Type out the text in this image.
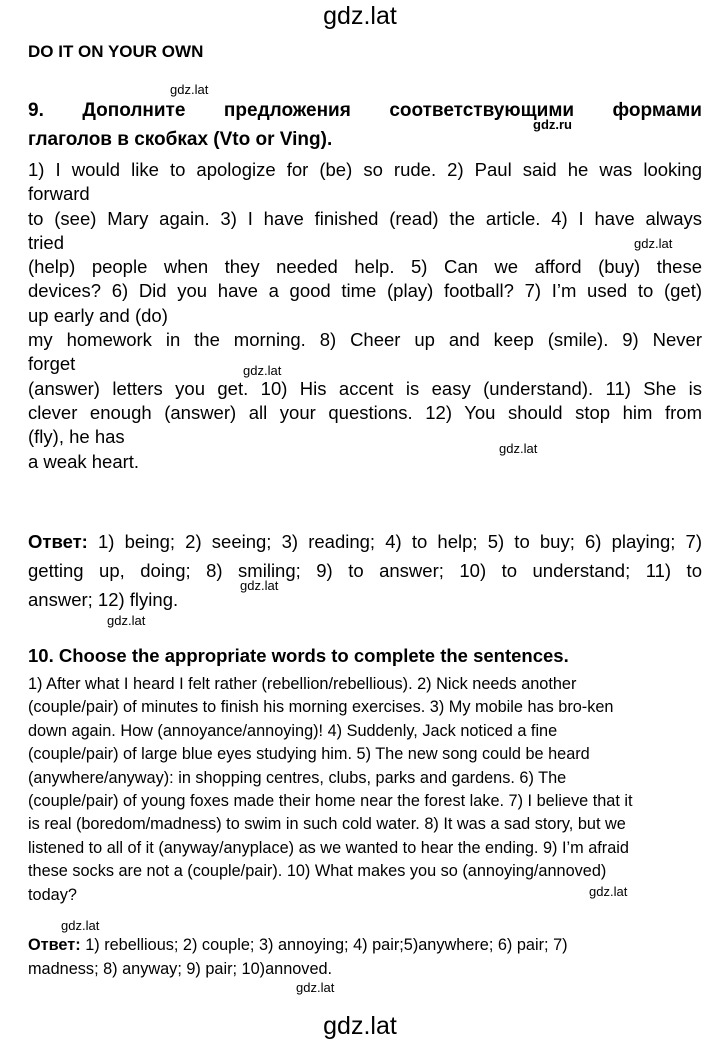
gdz.lat
DO IT ON YOUR OWN
9. Дополните предложения соответствующими формами
глаголов в скобках (Vto or Ving).
1) I would like to apologize for (be) so rude. 2) Paul said he was looking
forward
to (see) Mary again. 3) I have finished (read) the article. 4) I have always
tried
(help) people when they needed help. 5) Can we afford (buy) these
devices? 6) Did you have a good time (play) football? 7) I’m used to (get)
up early and (do)
my homework in the morning. 8) Cheer up and keep (smile). 9) Never
forget
(answer) letters you get. 10) His accent is easy (understand). 11) She is
clever enough (answer) all your questions. 12) You should stop him from
(fly), he has
a weak heart.
Ответ: 1) being; 2) seeing; 3) reading; 4) to help; 5) to buy; 6) playing; 7)
getting up, doing; 8) smiling; 9) to answer; 10) to understand; 11) to
answer; 12) flying.
10. Choose the appropriate words to complete the sentences.
1) After what I heard I felt rather (rebellion/rebellious). 2) Nick needs another
(couple/pair) of minutes to finish his morning exercises. 3) My mobile has bro-ken
down again. How (annoyance/annoying)! 4) Suddenly, Jack noticed a fine
(couple/pair) of large blue eyes studying him. 5) The new song could be heard
(anywhere/anyway): in shopping centres, clubs, parks and gardens. 6) The
(couple/pair) of young foxes made their home near the forest lake. 7) I believe that it
is real (boredom/madness) to swim in such cold water. 8) It was a sad story, but we
listened to all of it (anyway/anyplace) as we wanted to hear the ending. 9) I’m afraid
these socks are not a (couple/pair). 10) What makes you so (annoying/annoved)
today?
Ответ: 1) rebellious; 2) couple; 3) annoying; 4) pair;5)anywhere; 6) pair; 7)
madness; 8) anyway; 9) pair; 10)annoved.
gdz.lat
gdz.ru
gdz.lat
gdz.lat
gdz.lat
gdz.lat
gdz.lat
gdz.lat
gdz.lat
gdz.lat
gdz.lat
